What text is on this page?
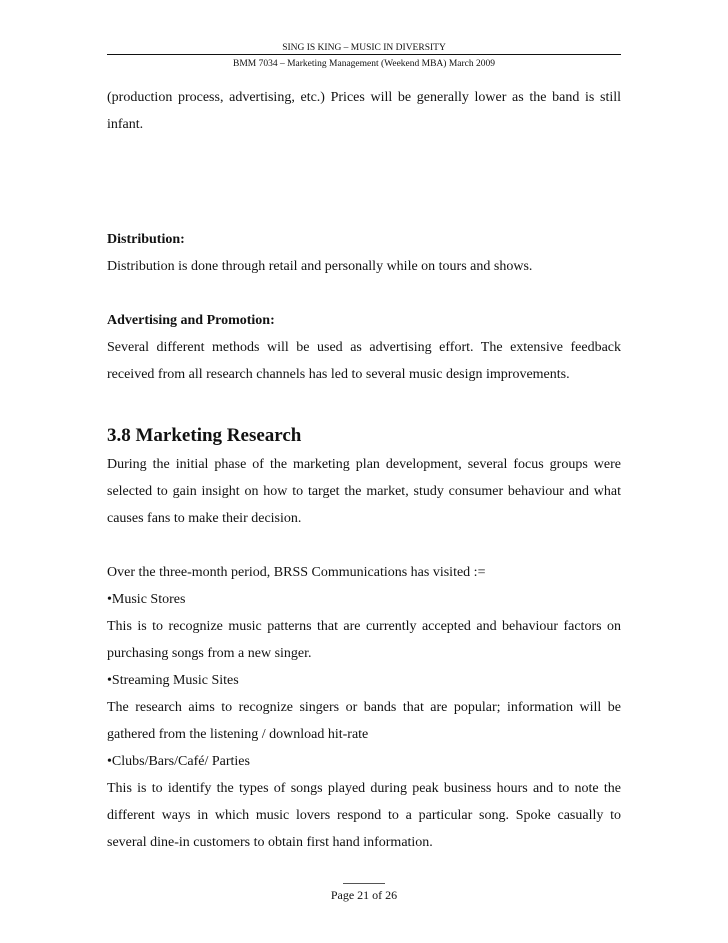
SING IS KING – MUSIC IN DIVERSITY
BMM 7034 – Marketing Management (Weekend MBA) March 2009

(production process, advertising, etc.) Prices will be generally lower as the band is still infant.

Distribution:

Distribution is done through retail and personally while on tours and shows.

Advertising and Promotion:

Several different methods will be used as advertising effort. The extensive feedback received from all research channels has led to several music design improvements.

3.8 Marketing Research

During the initial phase of the marketing plan development, several focus groups were selected to gain insight on how to target the market, study consumer behaviour and what causes fans to make their decision.

Over the three-month period, BRSS Communications has visited :=

•Music Stores

This is to recognize music patterns that are currently accepted and behaviour factors on purchasing songs from a new singer.

•Streaming Music Sites

The research aims to recognize singers or bands that are popular; information will be gathered from the listening / download hit-rate

•Clubs/Bars/Café/ Parties

This is to identify the types of songs played during peak business hours and to note the different ways in which music lovers respond to a particular song. Spoke casually to several dine-in customers to obtain first hand information.

Page 21 of 26
